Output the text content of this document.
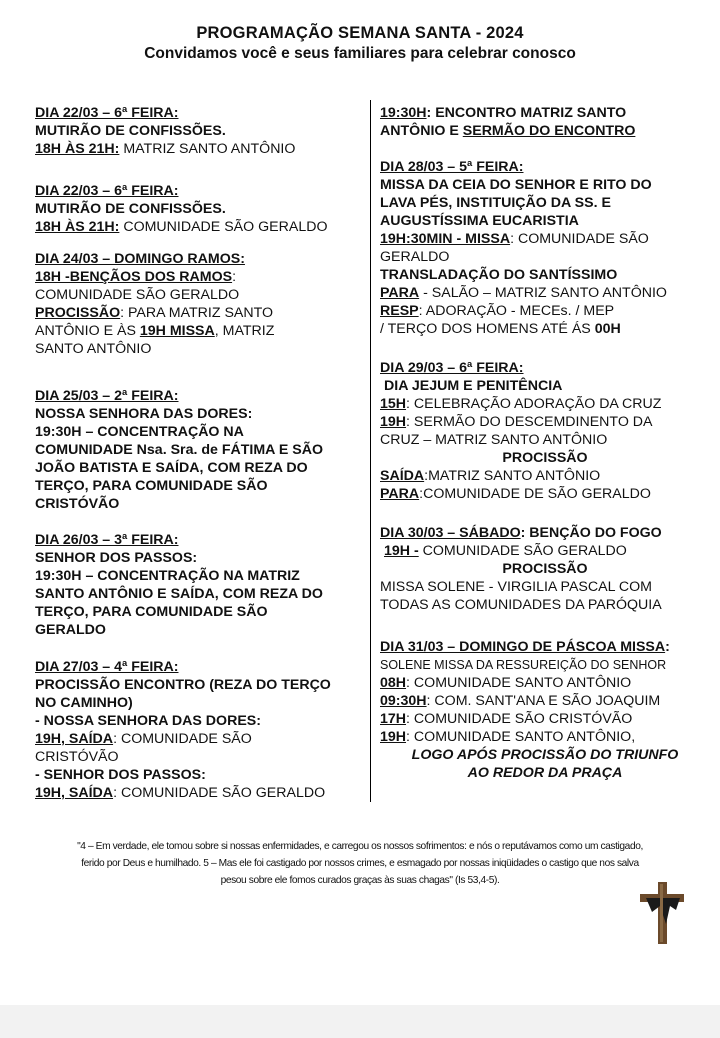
PROGRAMAÇÃO SEMANA SANTA - 2024
Convidamos você e seus familiares para celebrar conosco
DIA 22/03 – 6ª FEIRA:
MUTIRÃO DE CONFISSÕES.
18H ÀS 21H: MATRIZ SANTO ANTÔNIO
DIA 22/03 – 6ª FEIRA:
MUTIRÃO DE CONFISSÕES.
18H ÀS 21H: COMUNIDADE SÃO GERALDO
DIA 24/03 – DOMINGO RAMOS:
18H -BENÇÃOS DOS RAMOS:
COMUNIDADE SÃO GERALDO
PROCISSÃO: PARA MATRIZ SANTO
ANTÔNIO E ÀS 19H MISSA, MATRIZ
SANTO ANTÔNIO
DIA 25/03 – 2ª FEIRA:
NOSSA SENHORA DAS DORES:
19:30H – CONCENTRAÇÃO NA
COMUNIDADE Nsa. Sra. de FÁTIMA E SÃO
JOÃO BATISTA E SAÍDA, COM REZA DO
TERÇO, PARA COMUNIDADE SÃO
CRISTÓVÃO
DIA 26/03 – 3ª FEIRA:
SENHOR DOS PASSOS:
19:30H – CONCENTRAÇÃO NA MATRIZ
SANTO ANTÔNIO E SAÍDA, COM REZA DO
TERÇO, PARA COMUNIDADE SÃO
GERALDO
DIA 27/03 – 4ª FEIRA:
PROCISSÃO ENCONTRO (REZA DO TERÇO
NO CAMINHO)
- NOSSA SENHORA DAS DORES:
19H, SAÍDA: COMUNIDADE SÃO
CRISTÓVÃO
- SENHOR DOS PASSOS:
19H, SAÍDA: COMUNIDADE SÃO GERALDO
19:30H: ENCONTRO MATRIZ SANTO
ANTÔNIO E SERMÃO DO ENCONTRO
DIA 28/03 – 5ª FEIRA:
MISSA DA CEIA DO SENHOR E RITO DO
LAVA PÉS, INSTITUIÇÃO DA SS. E
AUGUSTÍSSIMA EUCARISTIA
19H:30MIN - MISSA: COMUNIDADE SÃO
GERALDO
TRANSLADAÇÃO DO SANTÍSSIMO
PARA - SALÃO – MATRIZ SANTO ANTÔNIO
RESP: ADORAÇÃO - MECEs. / MEP
/ TERÇO DOS HOMENS ATÉ ÁS 00H
DIA 29/03 – 6ª FEIRA:
DIA JEJUM E PENITÊNCIA
15H: CELEBRAÇÃO ADORAÇÃO DA CRUZ
19H: SERMÃO DO DESCEMDINENTO DA
CRUZ – MATRIZ SANTO ANTÔNIO
PROCISSÃO
SAÍDA:MATRIZ SANTO ANTÔNIO
PARA:COMUNIDADE DE SÃO GERALDO
DIA 30/03 – SÁBADO: BENÇÃO DO FOGO
19H - COMUNIDADE SÃO GERALDO
PROCISSÃO
MISSA SOLENE - VIRGILIA PASCAL COM
TODAS AS COMUNIDADES DA PARÓQUIA
DIA 31/03 – DOMINGO DE PÁSCOA MISSA:
SOLENE MISSA DA RESSUREIÇÃO DO SENHOR
08H: COMUNIDADE SANTO ANTÔNIO
09:30H: COM. SANT'ANA E SÃO JOAQUIM
17H: COMUNIDADE SÃO CRISTÓVÃO
19H: COMUNIDADE SANTO ANTÔNIO,
LOGO APÓS PROCISSÃO DO TRIUNFO
AO REDOR DA PRAÇA
"4 – Em verdade, ele tomou sobre si nossas enfermidades, e carregou os nossos sofrimentos: e nós o reputávamos como um castigado,
ferido por Deus e humilhado. 5 – Mas ele foi castigado por nossos crimes, e esmagado por nossas iniqüidades o castigo que nos salva
pesou sobre ele fomos curados graças às suas chagas" (Is 53,4-5).
